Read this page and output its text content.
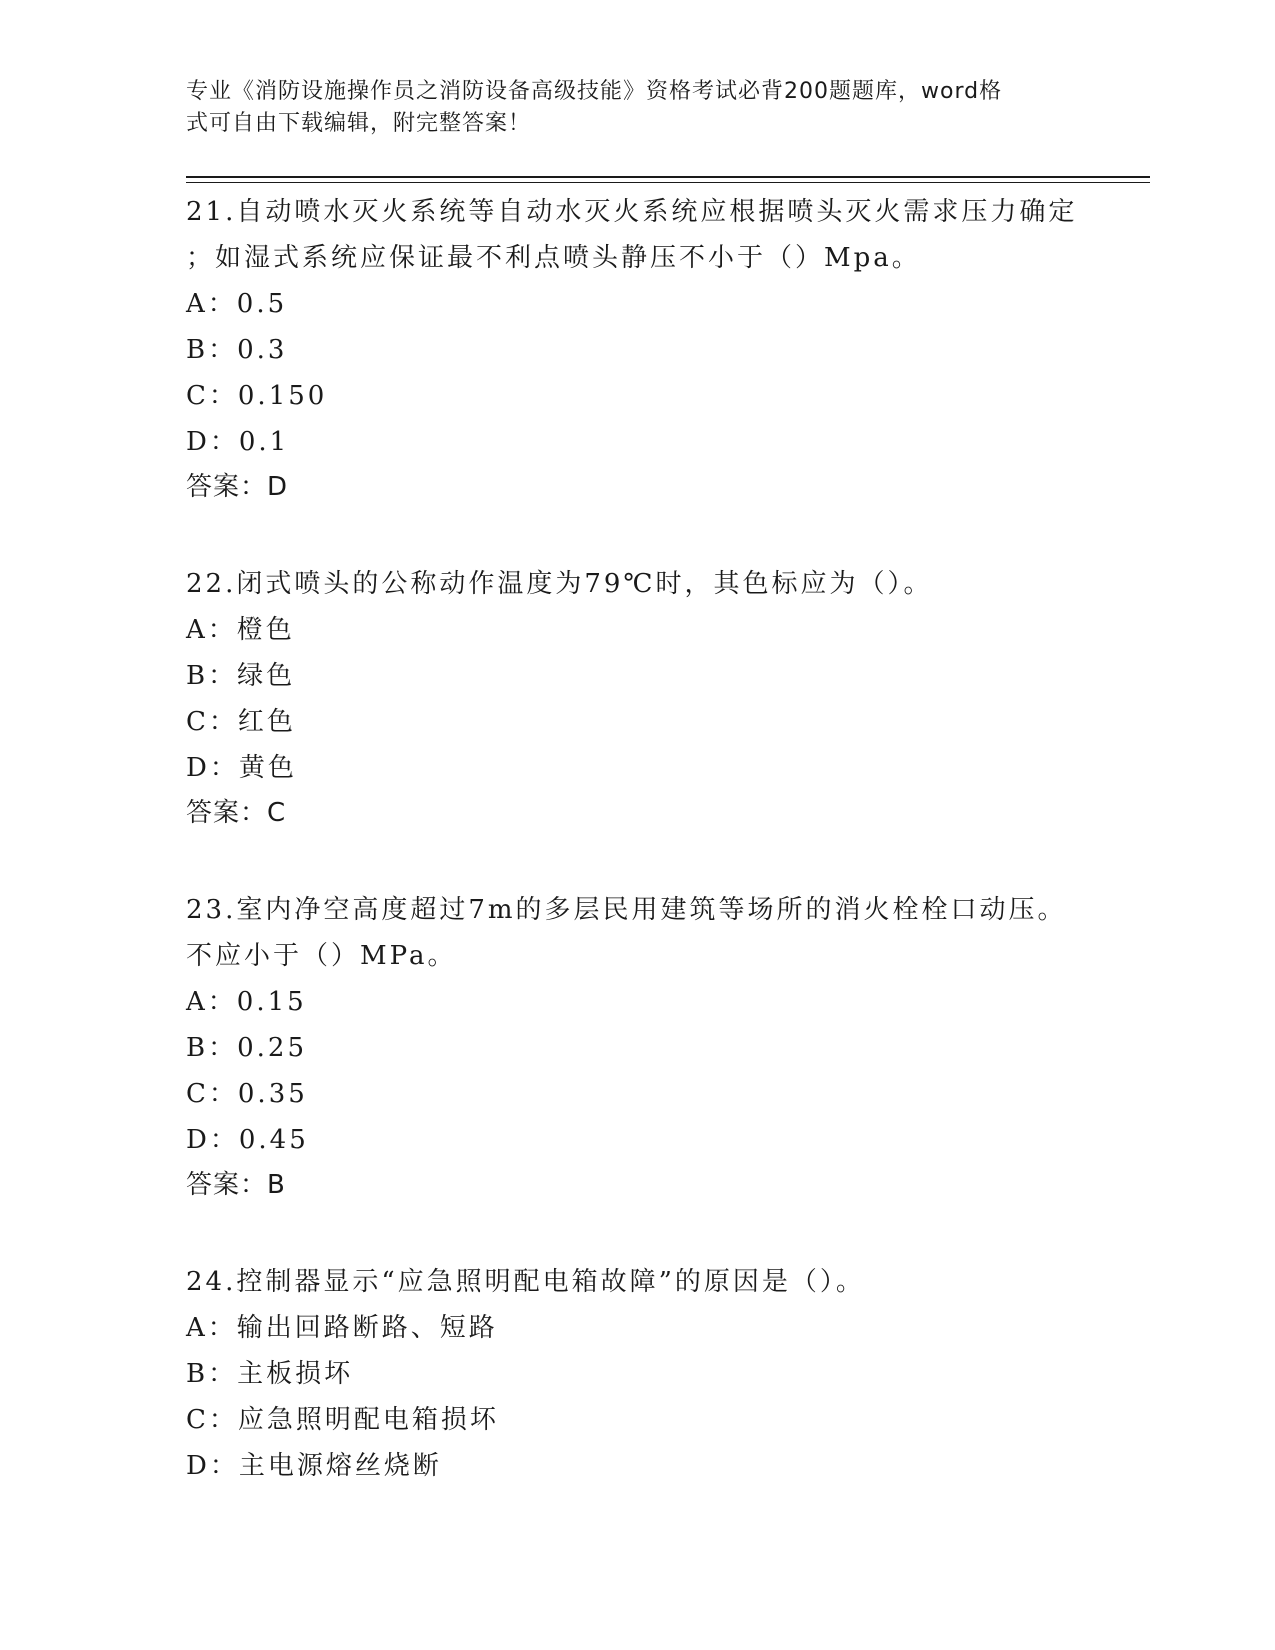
专业《消防设施操作员之消防设备高级技能》资格考试必背200题题库，word格
式可自由下载编辑，附完整答案！

21.自动喷水灭火系统等自动水灭火系统应根据喷头灭火需求压力确定

；如湿式系统应保证最不利点喷头静压不小于（）Mpa。

A：0.5

B：0.3

C：0.150

D：0.1

答案：D

22.闭式喷头的公称动作温度为79℃时，其色标应为（）。

A：橙色

B：绿色

C：红色

D：黄色

答案：C

23.室内净空高度超过7m的多层民用建筑等场所的消火栓栓口动压。

不应小于（）MPa。

A：0.15

B：0.25

C：0.35

D：0.45

答案：B

24.控制器显示“应急照明配电箱故障”的原因是（）。

A：输出回路断路、短路

B：主板损坏

C：应急照明配电箱损坏

D：主电源熔丝烧断
